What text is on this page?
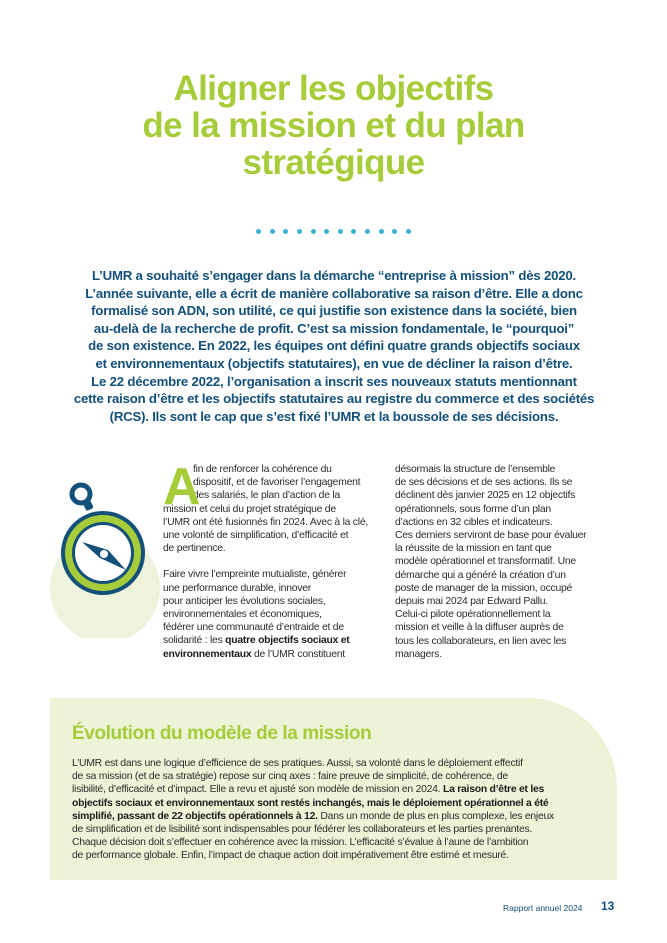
Aligner les objectifs
de la mission et du plan
stratégique

L’UMR a souhaité s’engager dans la démarche “entreprise à mission” dès 2020.
L’année suivante, elle a écrit de manière collaborative sa raison d’être. Elle a donc
formalisé son ADN, son utilité, ce qui justifie son existence dans la société, bien
au-delà de la recherche de profit. C’est sa mission fondamentale, le “pourquoi”
de son existence. En 2022, les équipes ont défini quatre grands objectifs sociaux
et environnementaux (objectifs statutaires), en vue de décliner la raison d’être.
Le 22 décembre 2022, l’organisation a inscrit ses nouveaux statuts mentionnant
cette raison d’être et les objectifs statutaires au registre du commerce et des sociétés
(RCS). Ils sont le cap que s’est fixé l’UMR et la boussole de ses décisions.

A
fin de renforcer la cohérence du
dispositif, et de favoriser l’engagement
des salariés, le plan d’action de la
mission et celui du projet stratégique de
l’UMR ont été fusionnés fin 2024. Avec à la clé,
une volonté de simplification, d’efficacité et
de pertinence.
Faire vivre l’empreinte mutualiste, générer
une performance durable, innover
pour anticiper les évolutions sociales,
environnementales et économiques,
fédérer une communauté d’entraide et de
solidarité : les quatre objectifs sociaux et
environnementaux de l’UMR constituent
désormais la structure de l’ensemble
de ses décisions et de ses actions. Ils se
déclinent dès janvier 2025 en 12 objectifs
opérationnels, sous forme d’un plan
d’actions en 32 cibles et indicateurs.
Ces derniers serviront de base pour évaluer
la réussite de la mission en tant que
modèle opérationnel et transformatif. Une
démarche qui a généré la création d’un
poste de manager de la mission, occupé
depuis mai 2024 par Edward Pallu.
Celui-ci pilote opérationnellement la
mission et veille à la diffuser auprès de
tous les collaborateurs, en lien avec les
managers.
Évolution du modèle de la mission
L’UMR est dans une logique d’efficience de ses pratiques. Aussi, sa volonté dans le déploiement effectif
de sa mission (et de sa stratégie) repose sur cinq axes : faire preuve de simplicité, de cohérence, de
lisibilité, d’efficacité et d’impact. Elle a revu et ajusté son modèle de mission en 2024. La raison d’être et les
objectifs sociaux et environnementaux sont restés inchangés, mais le déploiement opérationnel a été
simplifié, passant de 22 objectifs opérationnels à 12. Dans un monde de plus en plus complexe, les enjeux
de simplification et de lisibilité sont indispensables pour fédérer les collaborateurs et les parties prenantes.
Chaque décision doit s’effectuer en cohérence avec la mission. L’efficacité s’évalue à l’aune de l’ambition
de performance globale. Enfin, l’impact de chaque action doit impérativement être estimé et mesuré.
Rapport annuel 2024 13
